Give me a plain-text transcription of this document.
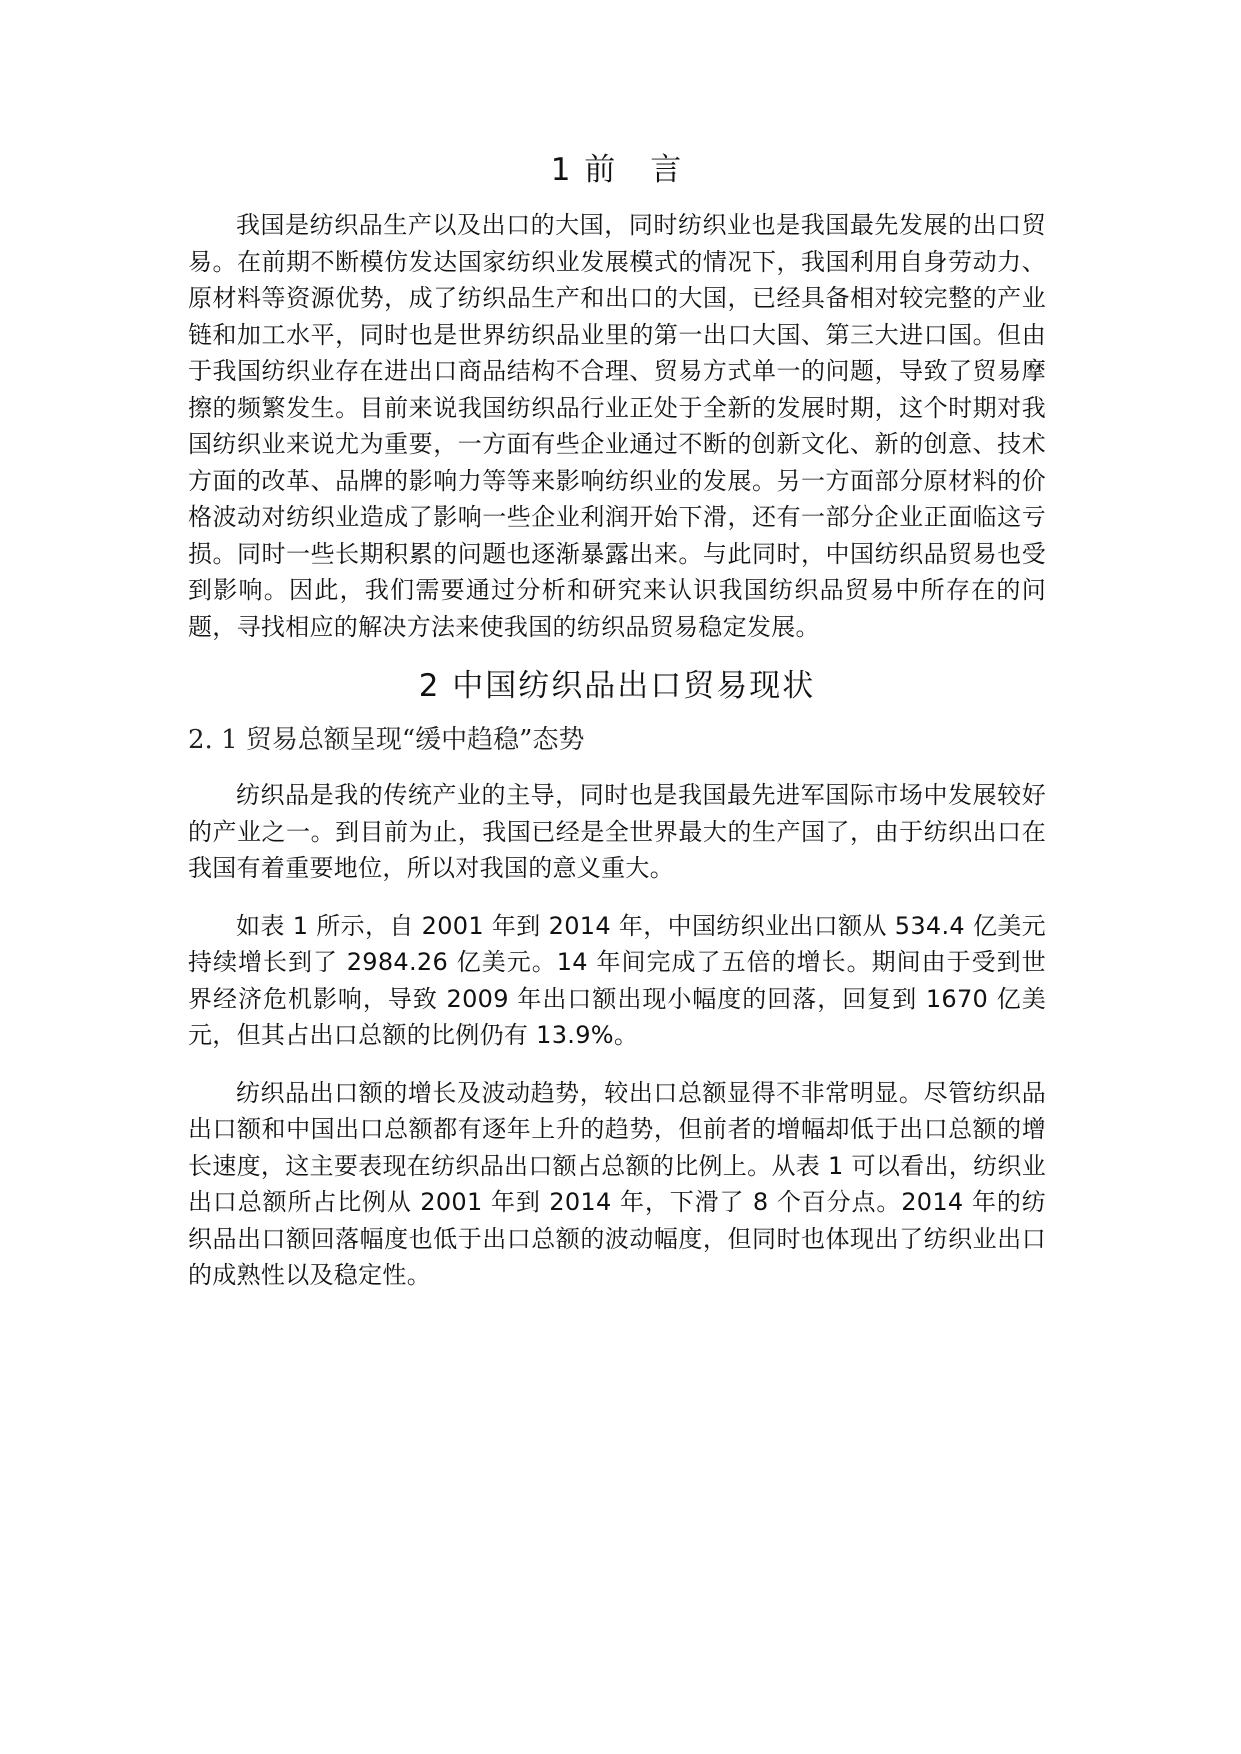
1 前　言

我国是纺织品生产以及出口的大国，同时纺织业也是我国最先发展的出口贸易。在前期不断模仿发达国家纺织业发展模式的情况下，我国利用自身劳动力、原材料等资源优势，成了纺织品生产和出口的大国，已经具备相对较完整的产业链和加工水平，同时也是世界纺织品业里的第一出口大国、第三大进口国。但由于我国纺织业存在进出口商品结构不合理、贸易方式单一的问题，导致了贸易摩擦的频繁发生。目前来说我国纺织品行业正处于全新的发展时期，这个时期对我国纺织业来说尤为重要，一方面有些企业通过不断的创新文化、新的创意、技术方面的改革、品牌的影响力等等来影响纺织业的发展。另一方面部分原材料的价格波动对纺织业造成了影响一些企业利润开始下滑，还有一部分企业正面临这亏损。同时一些长期积累的问题也逐渐暴露出来。与此同时，中国纺织品贸易也受到影响。因此，我们需要通过分析和研究来认识我国纺织品贸易中所存在的问题，寻找相应的解决方法来使我国的纺织品贸易稳定发展。

2 中国纺织品出口贸易现状
2. 1 贸易总额呈现“缓中趋稳”态势

纺织品是我的传统产业的主导，同时也是我国最先进军国际市场中发展较好的产业之一。到目前为止，我国已经是全世界最大的生产国了，由于纺织出口在我国有着重要地位，所以对我国的意义重大。

如表 1 所示，自 2001 年到 2014 年，中国纺织业出口额从 534.4 亿美元持续增长到了 2984.26 亿美元。14 年间完成了五倍的增长。期间由于受到世界经济危机影响，导致 2009 年出口额出现小幅度的回落，回复到 1670 亿美元，但其占出口总额的比例仍有 13.9%。

纺织品出口额的增长及波动趋势，较出口总额显得不非常明显。尽管纺织品出口额和中国出口总额都有逐年上升的趋势，但前者的增幅却低于出口总额的增长速度，这主要表现在纺织品出口额占总额的比例上。从表 1 可以看出，纺织业出口总额所占比例从 2001 年到 2014 年，下滑了 8 个百分点。2014 年的纺织品出口额回落幅度也低于出口总额的波动幅度，但同时也体现出了纺织业出口的成熟性以及稳定性。
